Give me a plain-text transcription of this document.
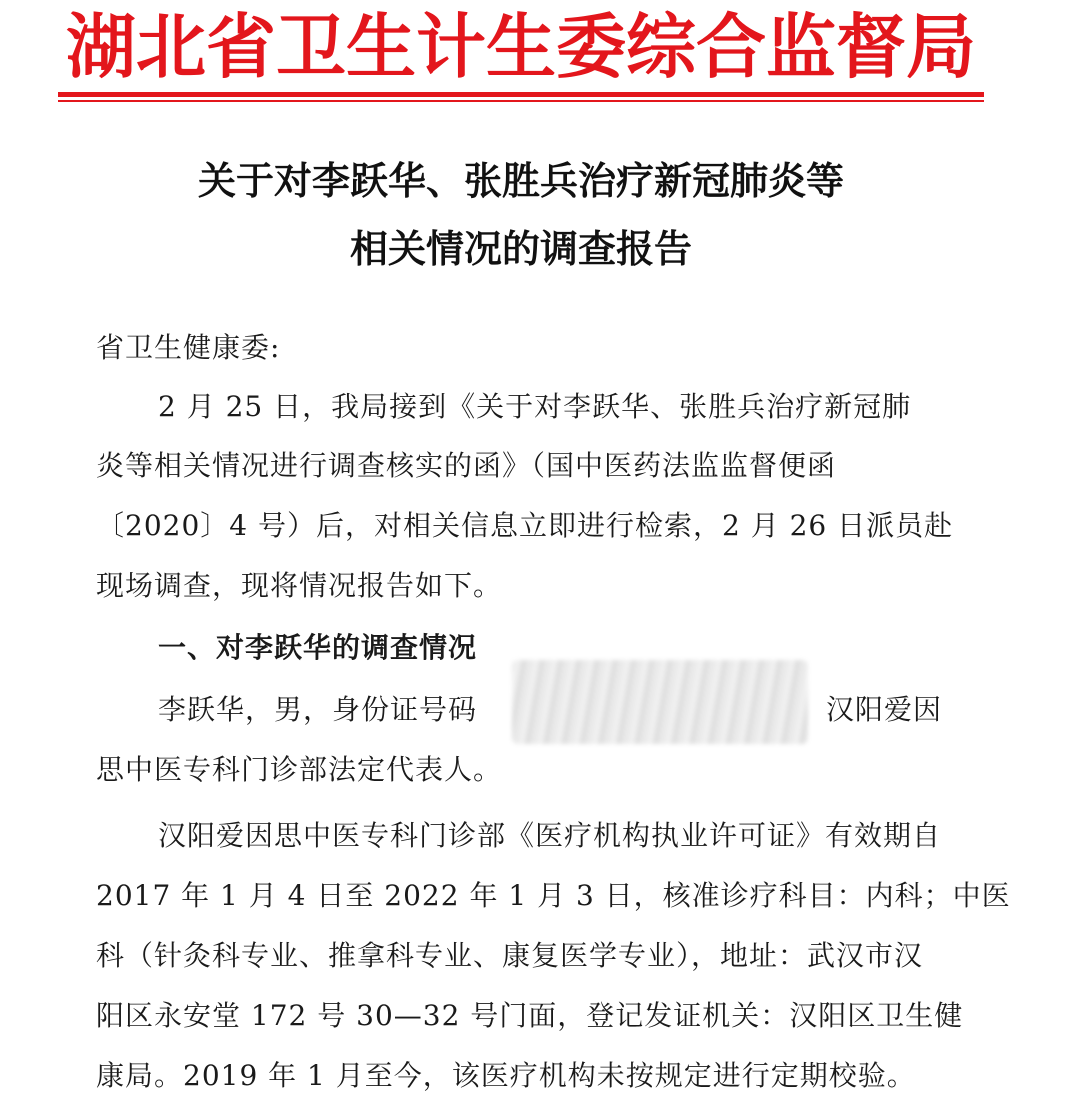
湖北省卫生计生委综合监督局
关于对李跃华、张胜兵治疗新冠肺炎等
相关情况的调查报告
省卫生健康委:
2 月 25 日，我局接到《关于对李跃华、张胜兵治疗新冠肺
炎等相关情况进行调查核实的函》（国中医药法监监督便函
〔2020〕4 号）后，对相关信息立即进行检索，2 月 26 日派员赴
现场调查，现将情况报告如下。
一、对李跃华的调查情况
李跃华，男，身份证号码	汉阳爱因
思中医专科门诊部法定代表人。
汉阳爱因思中医专科门诊部《医疗机构执业许可证》有效期自
2017 年 1 月 4 日至 2022 年 1 月 3 日，核准诊疗科目：内科；中医
科（针灸科专业、推拿科专业、康复医学专业），地址：武汉市汉
阳区永安堂 172 号 30—32 号门面，登记发证机关：汉阳区卫生健
康局。2019 年 1 月至今，该医疗机构未按规定进行定期校验。
